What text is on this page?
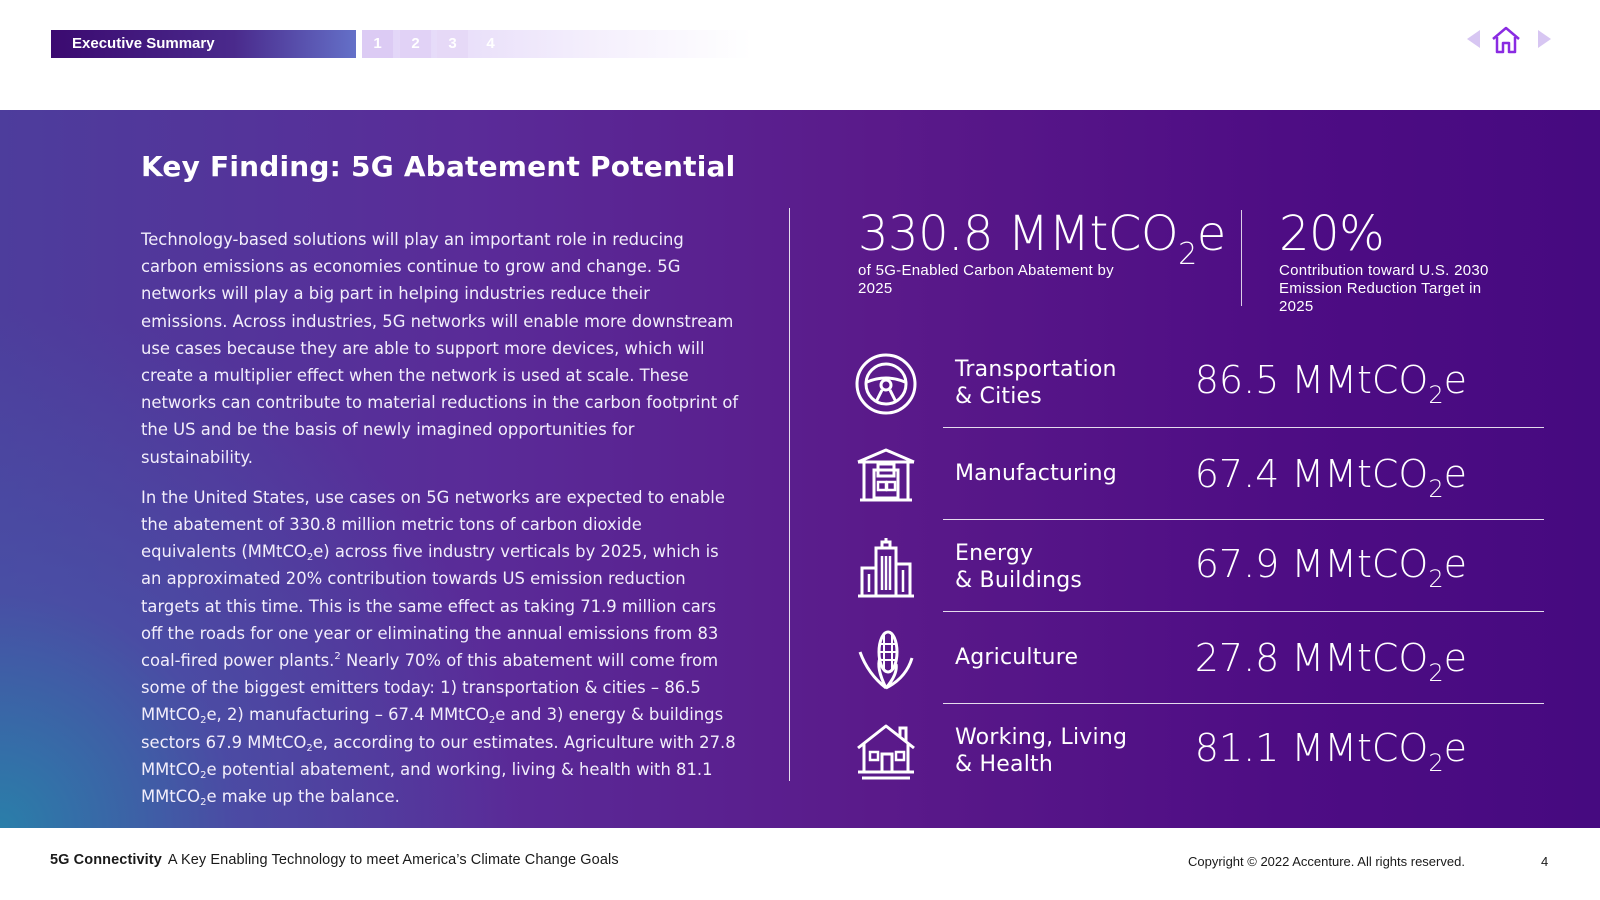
Executive Summary	1	2	3	4
Key Finding: 5G Abatement Potential

Technology-based solutions will play an important role in reducing carbon emissions as economies continue to grow and change. 5G networks will play a big part in helping industries reduce their emissions. Across industries, 5G networks will enable more downstream use cases because they are able to support more devices, which will create a multiplier effect when the network is used at scale. These networks can contribute to material reductions in the carbon footprint of the US and be the basis of newly imagined opportunities for sustainability.

In the United States, use cases on 5G networks are expected to enable the abatement of 330.8 million metric tons of carbon dioxide equivalents (MMtCO$_2$e) across five industry verticals by 2025, which is an approximated 20% contribution towards US emission reduction targets at this time. This is the same effect as taking 71.9 million cars off the roads for one year or eliminating the annual emissions from 83 coal-fired power plants.$^2$ Nearly 70% of this abatement will come from some of the biggest emitters today: 1) transportation & cities – 86.5 MMtCO$_2$e, 2) manufacturing – 67.4 MMtCO$_2$e and 3) energy & buildings sectors 67.9 MMtCO$_2$e, according to our estimates. Agriculture with 27.8 MMtCO$_2$e potential abatement, and working, living & health with 81.1 MMtCO$_2$e make up the balance.

330.8 MMtCO$_2$e
of 5G-Enabled Carbon Abatement by 2025
20%
Contribution toward U.S. 2030 Emission Reduction Target in 2025
Transportation
& Cities	86.5 MMtCO$_2$e
Manufacturing 67.4 MMtCO$_2$e
Energy
& Buildings	67.9 MMtCO$_2$e
Agriculture	27.8 MMtCO$_2$e
Working, Living
& Health	81.1 MMtCO$_2$e
5G Connectivity A Key Enabling Technology to meet America’s Climate Change Goals	Copyright © 2022 Accenture. All rights reserved.	4
